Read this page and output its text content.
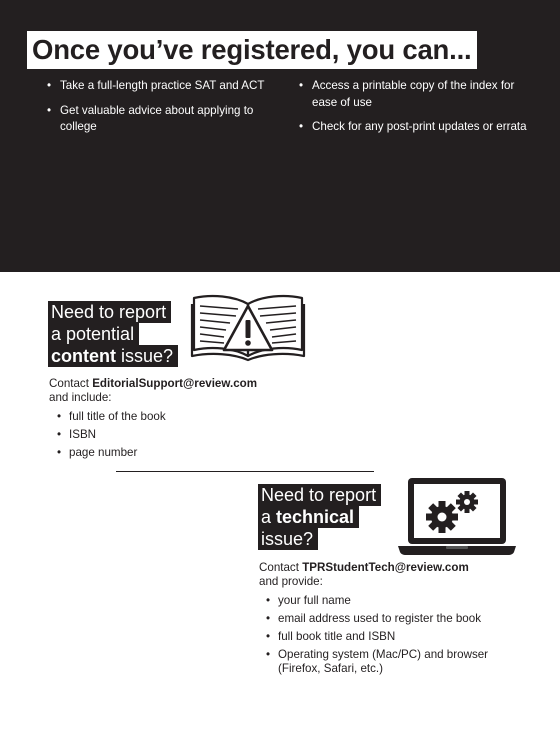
Once you’ve registered, you can...
• Take a full-length practice SAT and ACT
• Get valuable advice about applying to college
• Access a printable copy of the index for ease of use
• Check for any post-print updates or errata
Need to report
a potential
content issue?
Contact EditorialSupport@review.com
and include:
• full title of the book
• ISBN
• page number
Need to report
a technical
issue?
Contact TPRStudentTech@review.com
and provide:
• your full name
• email address used to register the book
• full book title and ISBN
• Operating system (Mac/PC) and browser (Firefox, Safari, etc.)
